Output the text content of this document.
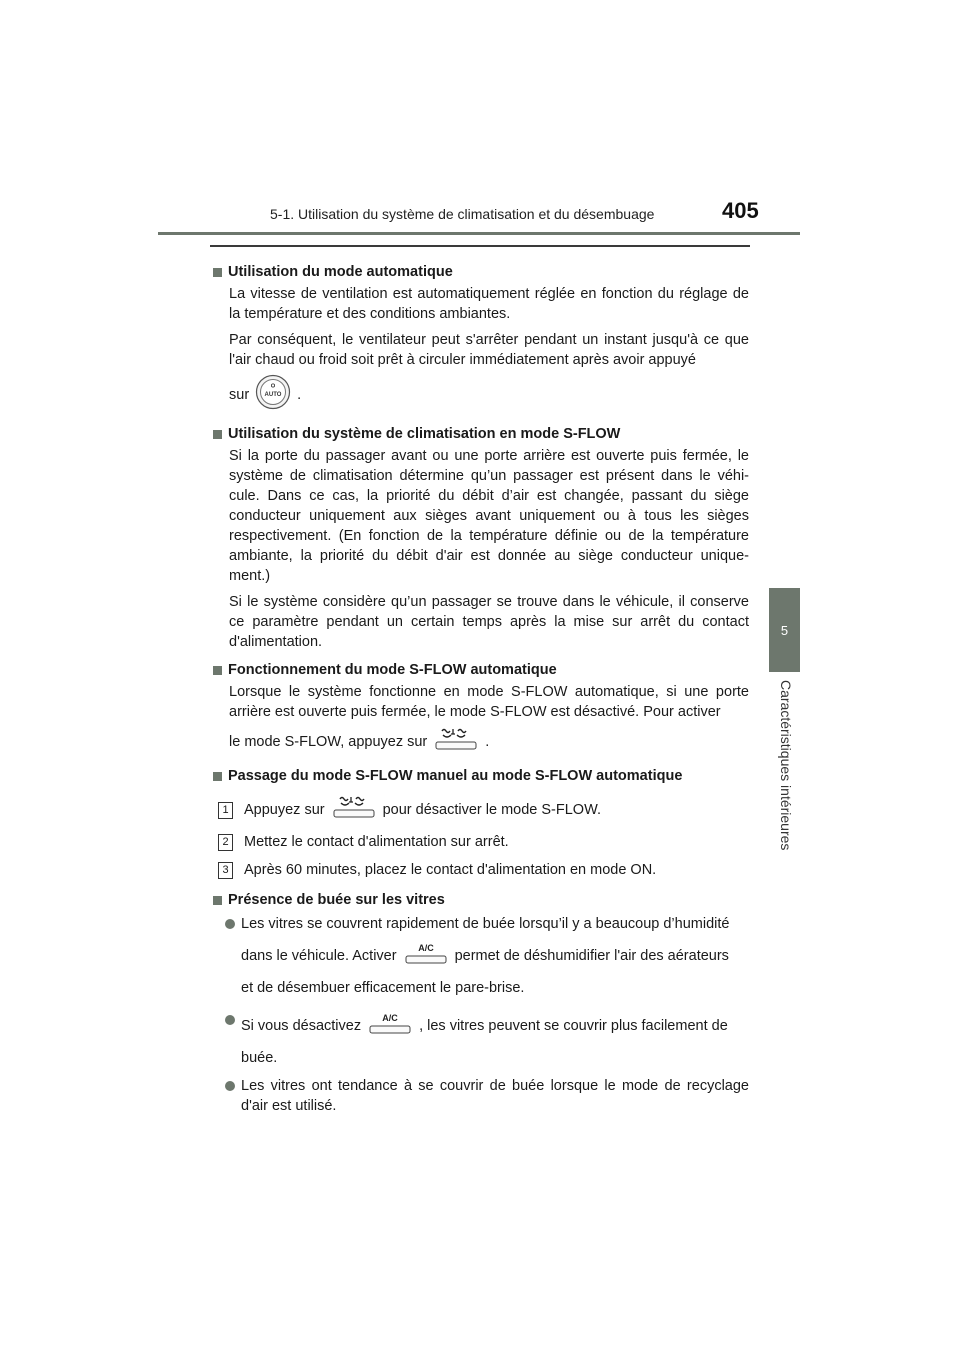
5-1. Utilisation du système de climatisation et du désembuage	405
5
Caractéristiques intérieures
Utilisation du mode automatique
La vitesse de ventilation est automatiquement réglée en fonction du réglage de la température et des conditions ambiantes.
Par conséquent, le ventilateur peut s'arrêter pendant un instant jusqu'à ce que l'air chaud ou froid soit prêt à circuler immédiatement après avoir appuyé
sur	AUTO .
Utilisation du système de climatisation en mode S-FLOW
Si la porte du passager avant ou une porte arrière est ouverte puis fermée, le système de climatisation détermine qu’un passager est présent dans le véhi- cule. Dans ce cas, la priorité du débit d’air est changée, passant du siège conducteur uniquement aux sièges avant uniquement ou à tous les sièges respectivement. (En fonction de la température définie ou de la température ambiante, la priorité du débit d'air est donnée au siège conducteur unique- ment.)
Si le système considère qu’un passager se trouve dans le véhicule, il conserve ce paramètre pendant un certain temps après la mise sur arrêt du contact d'alimentation.
Fonctionnement du mode S-FLOW automatique
Lorsque le système fonctionne en mode S-FLOW automatique, si une porte arrière est ouverte puis fermée, le mode S-FLOW est désactivé. Pour activer
le mode S-FLOW, appuyez sur	.
Passage du mode S-FLOW manuel au mode S-FLOW automatique
1	Appuyez sur	pour désactiver le mode S-FLOW.
2	Mettez le contact d'alimentation sur arrêt.
3	Après 60 minutes, placez le contact d'alimentation en mode ON.
Présence de buée sur les vitres
Les vitres se couvrent rapidement de buée lorsqu’il y a beaucoup d’humidité
dans le véhicule. Activer A/C permet de déshumidifier l'air des aérateurs
et de désembuer efficacement le pare-brise.
Si vous désactivez A/C , les vitres peuvent se couvrir plus facilement de
buée.
Les vitres ont tendance à se couvrir de buée lorsque le mode de recyclage d'air est utilisé.
